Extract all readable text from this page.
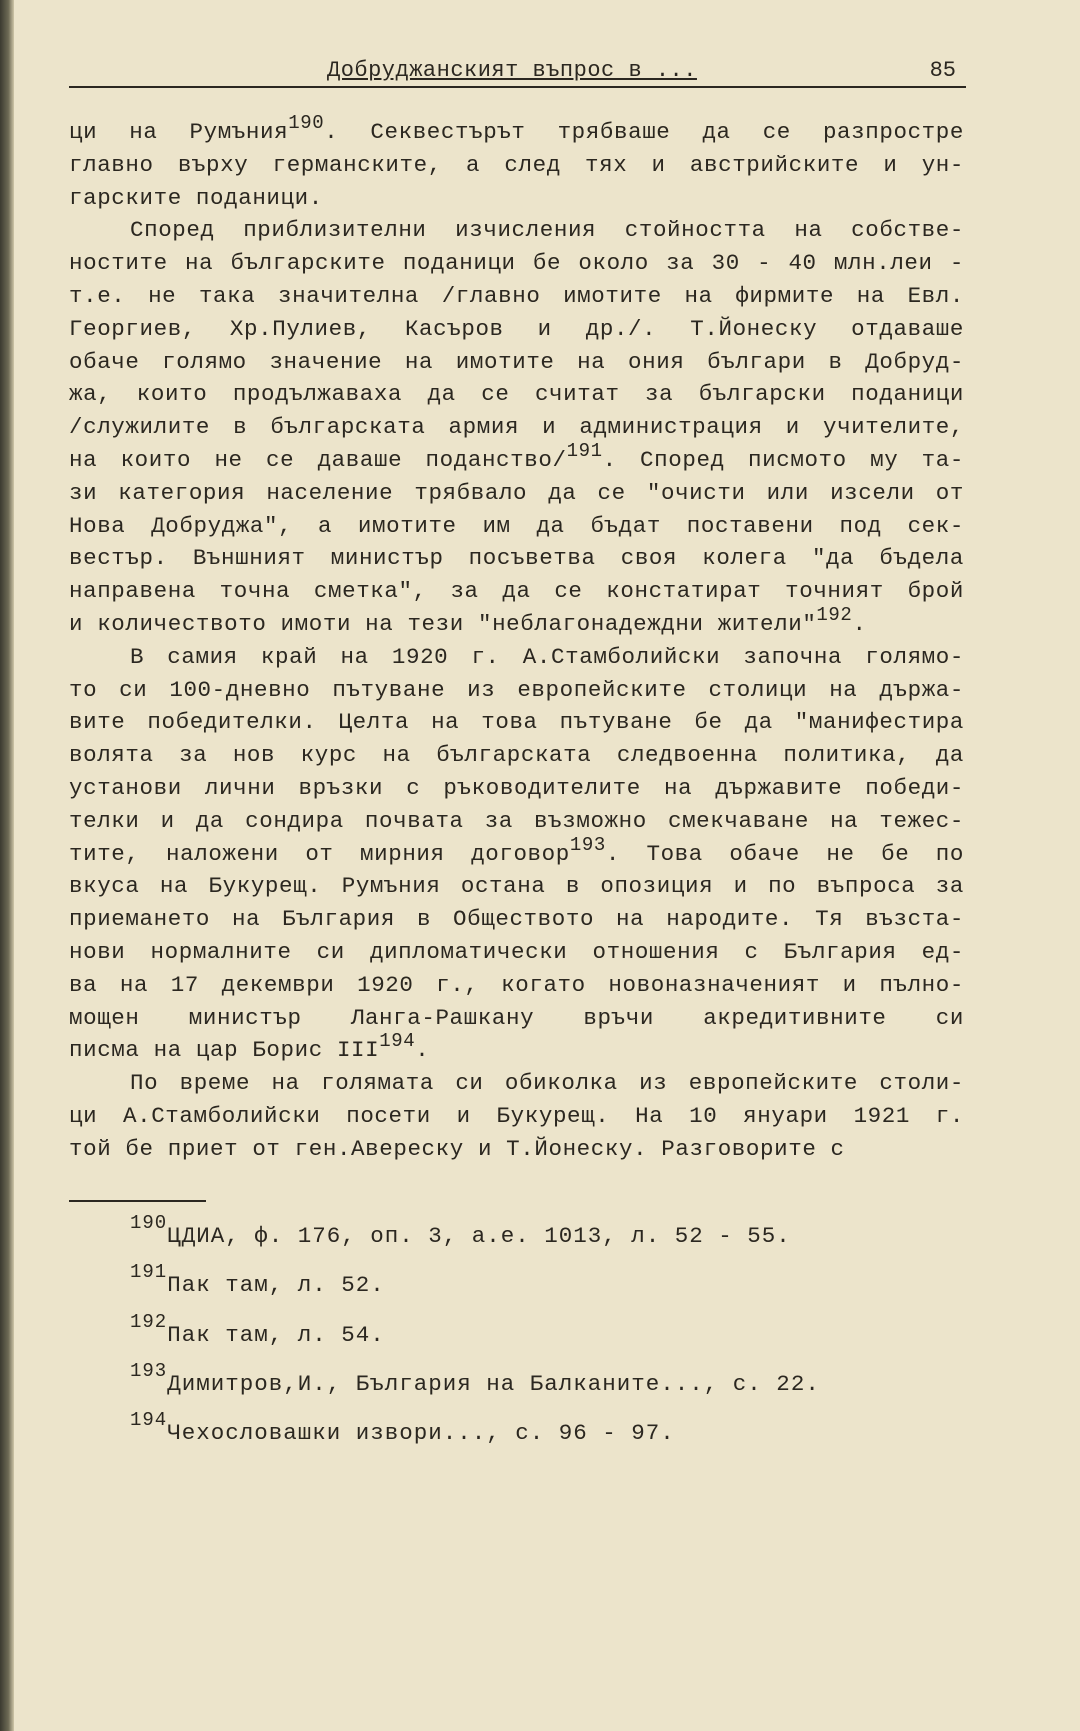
Добруджанският въпрос в ...	85
ци на Румъния$^{190}$. Секвестърът трябваше да се разпростре
главно върху германските, а след тях и австрийските и ун-
гарските поданици.
Според приблизителни изчисления стойността на собстве-
ностите на българските поданици бе около за 30 - 40 млн.леи -
т.е. не така значителна /главно имотите на фирмите на Евл.
Георгиев, Хр.Пулиев, Касъров и др./. Т.Йонеску отдаваше
обаче голямо значение на имотите на ония българи в Добруд-
жа, които продължаваха да се считат за български поданици
/служилите в българската армия и администрация и учителите,
на които не се даваше поданство/$^{191}$. Според писмото му та-
зи категория население трябвало да се "очисти или изсели от
Нова Добруджа", а имотите им да бъдат поставени под сек-
вестър. Външният министър посъветва своя колега "да бъдела
направена точна сметка", за да се констатират точният брой
и количеството имоти на тези "неблагонадеждни жители"$^{192}$.
В самия край на 1920 г. А.Стамболийски започна голямо-
то си 100-дневно пътуване из европейските столици на държа-
вите победителки. Целта на това пътуване бе да "манифестира
волята за нов курс на българската следвоенна политика, да
установи лични връзки с ръководителите на държавите победи-
телки и да сондира почвата за възможно смекчаване на тежес-
тите, наложени от мирния договор$^{193}$. Това обаче не бе по
вкуса на Букурещ. Румъния остана в опозиция и по въпроса за
приемането на България в Обществото на народите. Тя възста-
нови нормалните си дипломатически отношения с България ед-
ва на 17 декември 1920 г., когато новоназначеният и пълно-
мощен министър Ланга-Рашкану връчи акредитивните си
писма на цар Борис III$^{194}$.
По време на голямата си обиколка из европейските столи-
ци А.Стамболийски посети и Букурещ. На 10 януари 1921 г.
той бе приет от ген.Авереску и Т.Йонеску. Разговорите с
$^{190}$ЦДИА, ф. 176, оп. 3, а.е. 1013, л. 52 - 55.
$^{191}$Пак там, л. 52.
$^{192}$Пак там, л. 54.
$^{193}$Димитров,И., България на Балканите..., с. 22.
$^{194}$Чехословашки извори..., с. 96 - 97.
